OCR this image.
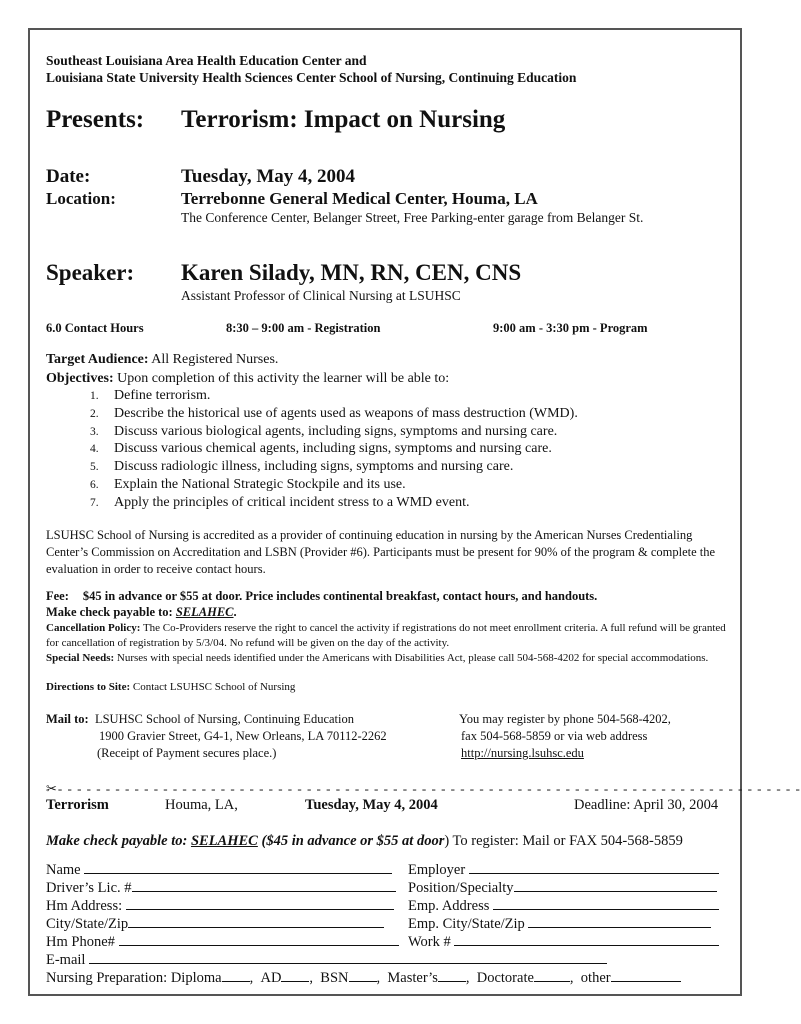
Southeast Louisiana Area Health Education Center and
Louisiana State University Health Sciences Center School of Nursing, Continuing Education
Presents: Terrorism: Impact on Nursing
Date:	Tuesday, May 4, 2004
Location:	Terrebonne General Medical Center, Houma, LA
The Conference Center, Belanger Street, Free Parking-enter garage from Belanger St.
Speaker: Karen Silady, MN, RN, CEN, CNS
Assistant Professor of Clinical Nursing at LSUHSC
6.0 Contact Hours	8:30 – 9:00 am - Registration	9:00 am - 3:30 pm - Program
Target Audience: All Registered Nurses.
Objectives: Upon completion of this activity the learner will be able to:
1. Define terrorism.
2. Describe the historical use of agents used as weapons of mass destruction (WMD).
3. Discuss various biological agents, including signs, symptoms and nursing care.
4. Discuss various chemical agents, including signs, symptoms and nursing care.
5. Discuss radiologic illness, including signs, symptoms and nursing care.
6. Explain the National Strategic Stockpile and its use.
7. Apply the principles of critical incident stress to a WMD event.
LSUHSC School of Nursing is accredited as a provider of continuing education in nursing by the American Nurses Credentialing Center’s Commission on Accreditation and LSBN (Provider #6). Participants must be present for 90% of the program & complete the evaluation in order to receive contact hours.
Fee: $45 in advance or $55 at door. Price includes continental breakfast, contact hours, and handouts.
Make check payable to: SELAHEC.
Cancellation Policy: The Co-Providers reserve the right to cancel the activity if registrations do not meet enrollment criteria. A full refund will be granted for cancellation of registration by 5/3/04. No refund will be given on the day of the activity.
Special Needs: Nurses with special needs identified under the Americans with Disabilities Act, please call 504-568-4202 for special accommodations.
Directions to Site: Contact LSUHSC School of Nursing
Mail to: LSUHSC School of Nursing, Continuing Education
1900 Gravier Street, G4-1, New Orleans, LA 70112-2262
(Receipt of Payment secures place.)
You may register by phone 504-568-4202,
fax 504-568-5859 or via web address
http://nursing.lsuhsc.edu
✂- - - - - - - - - - - - - - - - - - - - - - - - - - - - - - - - - - - - - - - - - - - - - - - - - - - - - - - - - - - - - - - - - - - - - - - - - - - - - -
Terrorism	Houma, LA,	Tuesday, May 4, 2004	Deadline: April 30, 2004
Make check payable to: SELAHEC ($45 in advance or $55 at door) To register: Mail or FAX 504-568-5859
Name	Employer
Driver’s Lic. #	Position/Specialty
Hm Address:	Emp. Address
City/State/Zip	Emp. City/State/Zip
Hm Phone#	Work #
E-mail
Nursing Preparation: Diploma ,  AD ,  BSN ,  Master’s ,  Doctorate ,  other
